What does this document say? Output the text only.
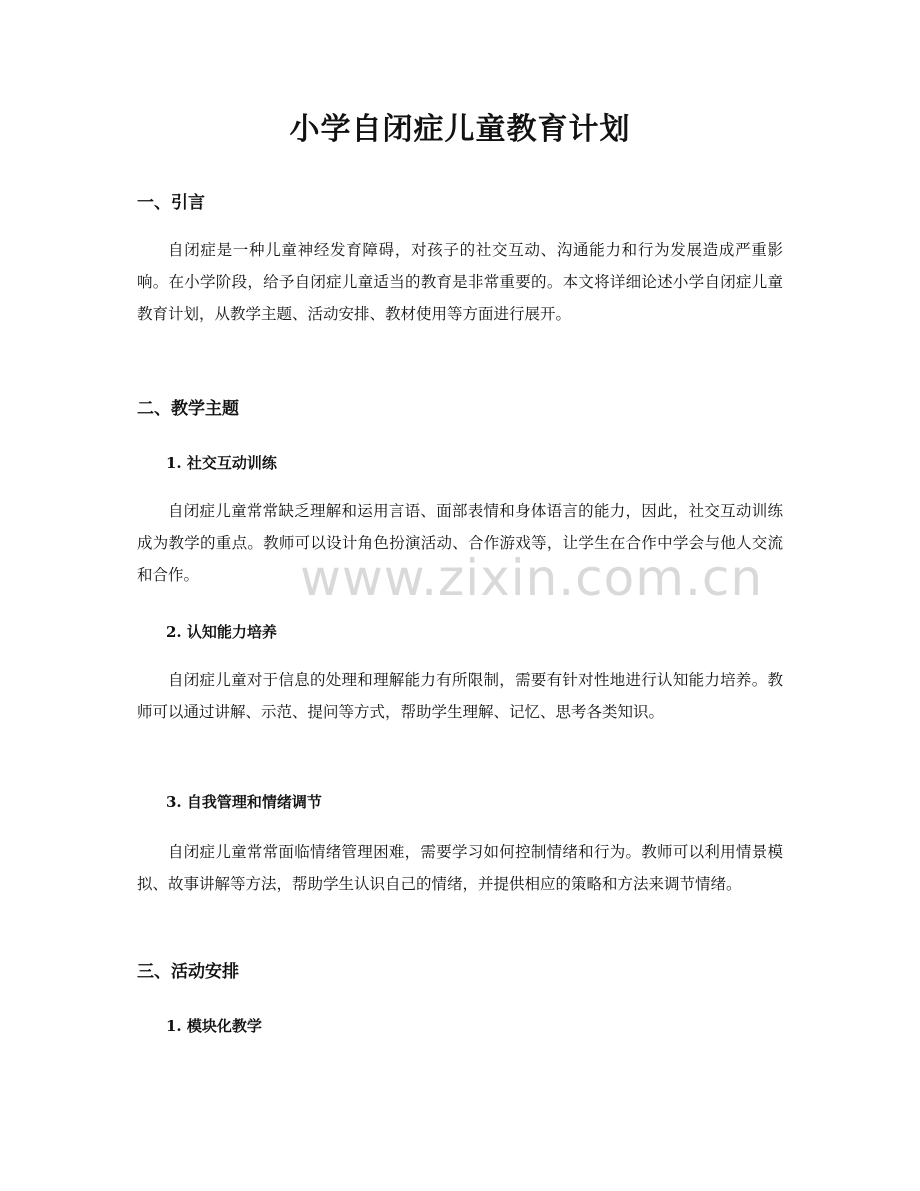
小学自闭症儿童教育计划
一、引言

自闭症是一种儿童神经发育障碍，对孩子的社交互动、沟通能力和行为发展造成严重影响。在小学阶段，给予自闭症儿童适当的教育是非常重要的。本文将详细论述小学自闭症儿童教育计划，从教学主题、活动安排、教材使用等方面进行展开。

二、教学主题
1. 社交互动训练

自闭症儿童常常缺乏理解和运用言语、面部表情和身体语言的能力，因此，社交互动训练成为教学的重点。教师可以设计角色扮演活动、合作游戏等，让学生在合作中学会与他人交流和合作。

2. 认知能力培养

自闭症儿童对于信息的处理和理解能力有所限制，需要有针对性地进行认知能力培养。教师可以通过讲解、示范、提问等方式，帮助学生理解、记忆、思考各类知识。

3. 自我管理和情绪调节

自闭症儿童常常面临情绪管理困难，需要学习如何控制情绪和行为。教师可以利用情景模拟、故事讲解等方法，帮助学生认识自己的情绪，并提供相应的策略和方法来调节情绪。

三、活动安排
1. 模块化教学
www.zixin.com.cn
